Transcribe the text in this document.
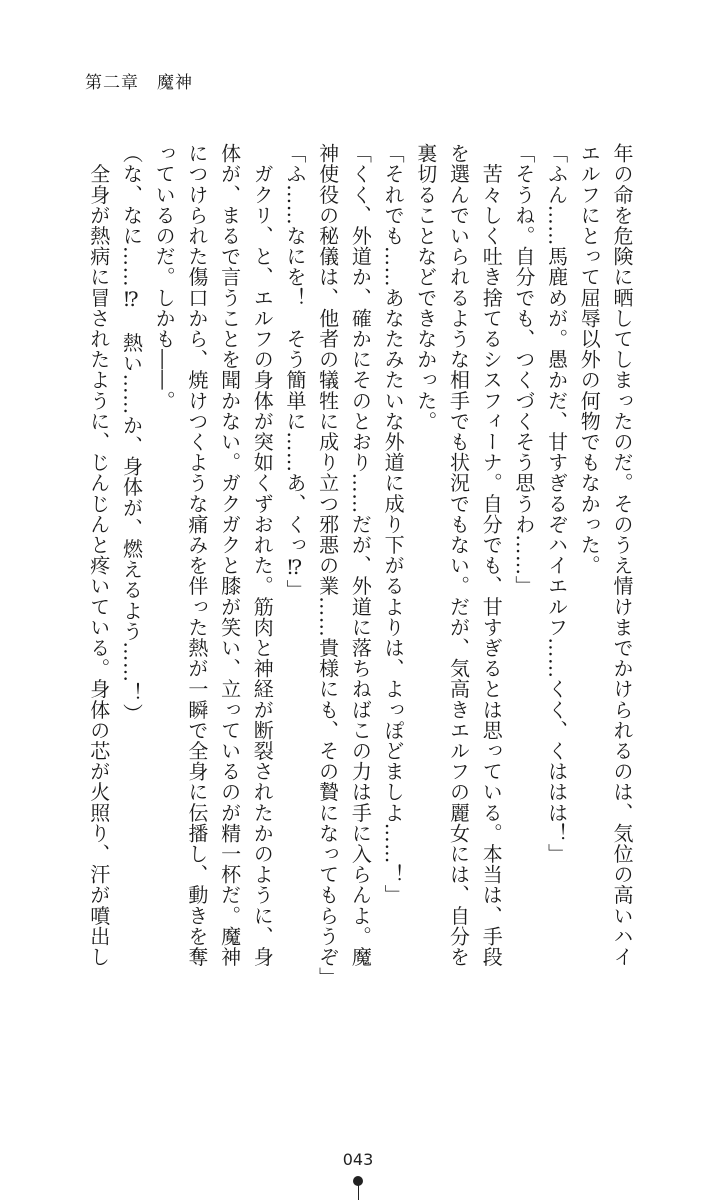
第二章　魔神
年の命を危険に晒してしまったのだ。そのうえ情けまでかけられるのは、気位の高いハイ
エルフにとって屈辱以外の何物でもなかった。
「ふん……馬鹿めが。愚かだ、甘すぎるぞハイエルフ……くく、くははは！」
「そうね。自分でも、つくづくそう思うわ……」
　苦々しく吐き捨てるシスフィーナ。自分でも、甘すぎるとは思っている。本当は、手段
を選んでいられるような相手でも状況でもない。だが、気高きエルフの麗女には、自分を
裏切ることなどできなかった。
「それでも……あなたみたいな外道に成り下がるよりは、よっぽどましよ……！」
「くく、外道か、確かにそのとおり……だが、外道に落ちねばこの力は手に入らんよ。魔
神使役の秘儀は、他者の犠牲に成り立つ邪悪の業……貴様にも、その贄になってもらうぞ」
「ふ……なにを！　そう簡単に……あ、くっ⁉」
　ガクリ、と、エルフの身体が突如くずおれた。筋肉と神経が断裂されたかのように、身
体が、まるで言うことを聞かない。ガクガクと膝が笑い、立っているのが精一杯だ。魔神
につけられた傷口から、焼けつくような痛みを伴った熱が一瞬で全身に伝播し、動きを奪
っているのだ。しかも――。
（な、なに……⁉　熱い……か、身体が、燃えるよう……！）
　全身が熱病に冒されたように、じんじんと疼いている。身体の芯が火照り、汗が噴出し
043
